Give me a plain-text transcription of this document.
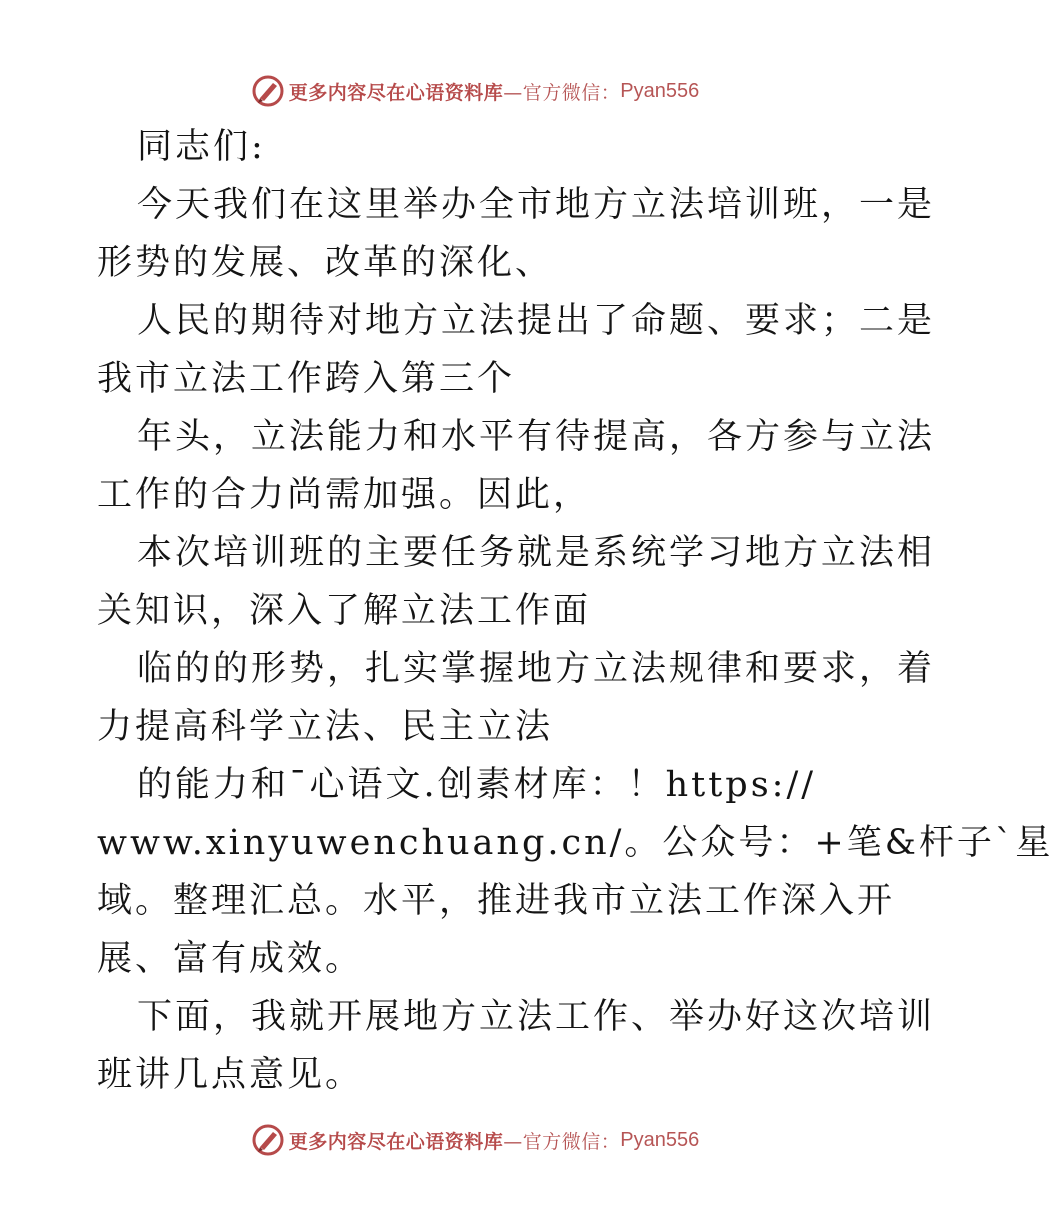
更多内容尽在心语资料库 —官方微信： Pyan556
同志们:
今天我们在这里举办全市地方立法培训班，一是
形势的发展、改革的深化、
人民的期待对地方立法提出了命题、要求；二是
我市立法工作跨入第三个
年头，立法能力和水平有待提高，各方参与立法
工作的合力尚需加强。因此，
本次培训班的主要任务就是系统学习地方立法相
关知识，深入了解立法工作面
临的的形势，扎实掌握地方立法规律和要求，着
力提高科学立法、民主立法
的能力和¯心语文.创素材库：！https://
www.xinyuwenchuang.cn/。公众号：+笔&杆子`星
域。整理汇总。水平，推进我市立法工作深入开
展、富有成效。
下面，我就开展地方立法工作、举办好这次培训
班讲几点意见。
更多内容尽在心语资料库 —官方微信： Pyan556
